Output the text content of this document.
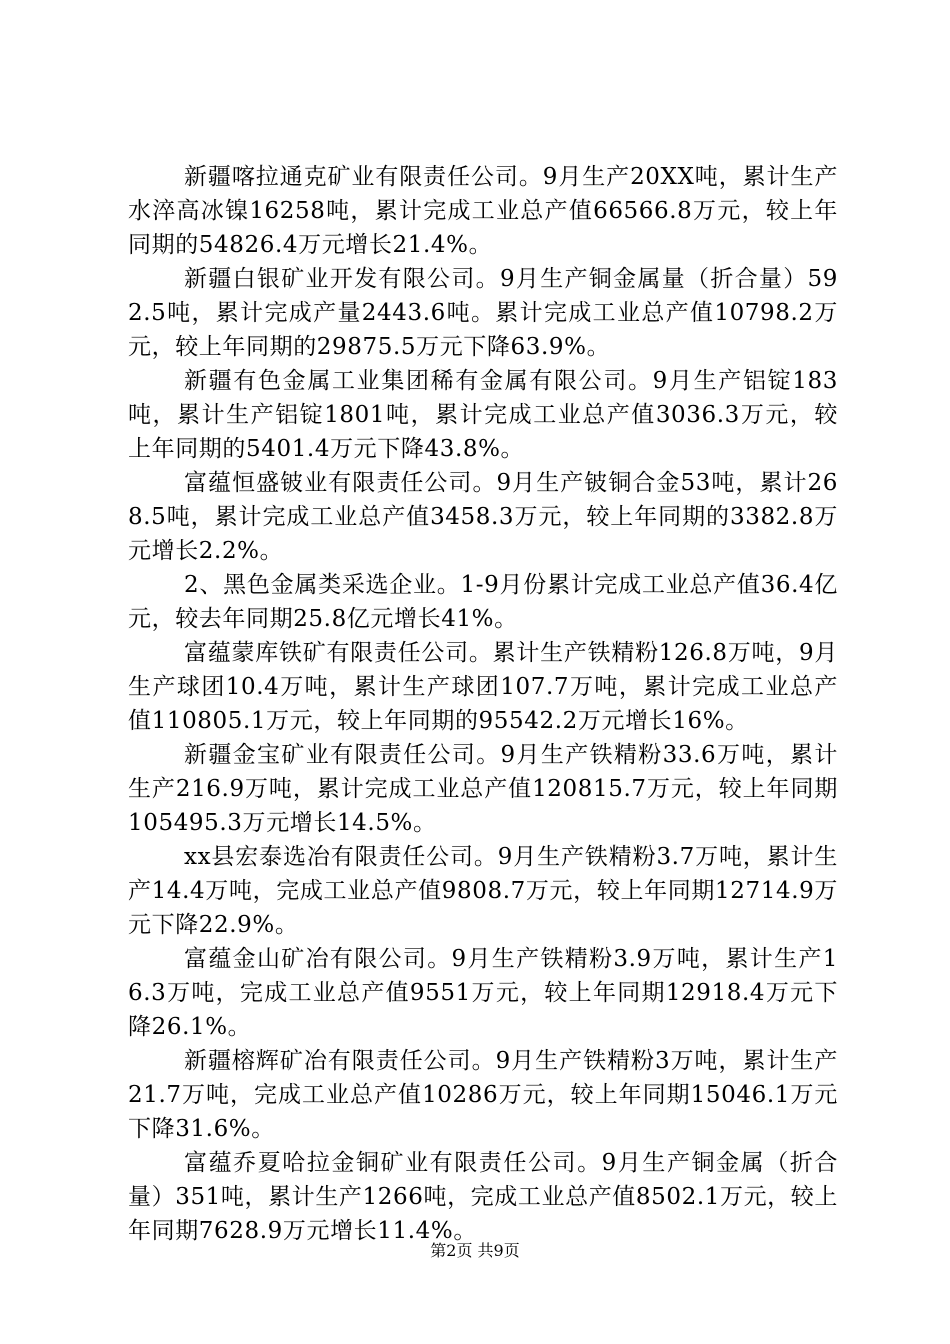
新疆喀拉通克矿业有限责任公司。9月生产20XX吨，累计生产水淬高冰镍16258吨，累计完成工业总产值66566.8万元，较上年同期的54826.4万元增长21.4%。

新疆白银矿业开发有限公司。9月生产铜金属量（折合量）592.5吨，累计完成产量2443.6吨。累计完成工业总产值10798.2万元，较上年同期的29875.5万元下降63.9%。

新疆有色金属工业集团稀有金属有限公司。9月生产铝锭183吨，累计生产铝锭1801吨，累计完成工业总产值3036.3万元，较上年同期的5401.4万元下降43.8%。

富蕴恒盛铍业有限责任公司。9月生产铍铜合金53吨，累计268.5吨，累计完成工业总产值3458.3万元，较上年同期的3382.8万元增长2.2%。

2、黑色金属类采选企业。1-9月份累计完成工业总产值36.4亿元，较去年同期25.8亿元增长41%。

富蕴蒙库铁矿有限责任公司。累计生产铁精粉126.8万吨，9月生产球团10.4万吨，累计生产球团107.7万吨，累计完成工业总产值110805.1万元，较上年同期的95542.2万元增长16%。

新疆金宝矿业有限责任公司。9月生产铁精粉33.6万吨，累计生产216.9万吨，累计完成工业总产值120815.7万元，较上年同期105495.3万元增长14.5%。

xx县宏泰选冶有限责任公司。9月生产铁精粉3.7万吨，累计生产14.4万吨，完成工业总产值9808.7万元，较上年同期12714.9万元下降22.9%。

富蕴金山矿冶有限公司。9月生产铁精粉3.9万吨，累计生产16.3万吨，完成工业总产值9551万元，较上年同期12918.4万元下降26.1%。

新疆榕辉矿冶有限责任公司。9月生产铁精粉3万吨，累计生产21.7万吨，完成工业总产值10286万元，较上年同期15046.1万元下降31.6%。

富蕴乔夏哈拉金铜矿业有限责任公司。9月生产铜金属（折合量）351吨，累计生产1266吨，完成工业总产值8502.1万元，较上年同期7628.9万元增长11.4%。

第2页 共9页
